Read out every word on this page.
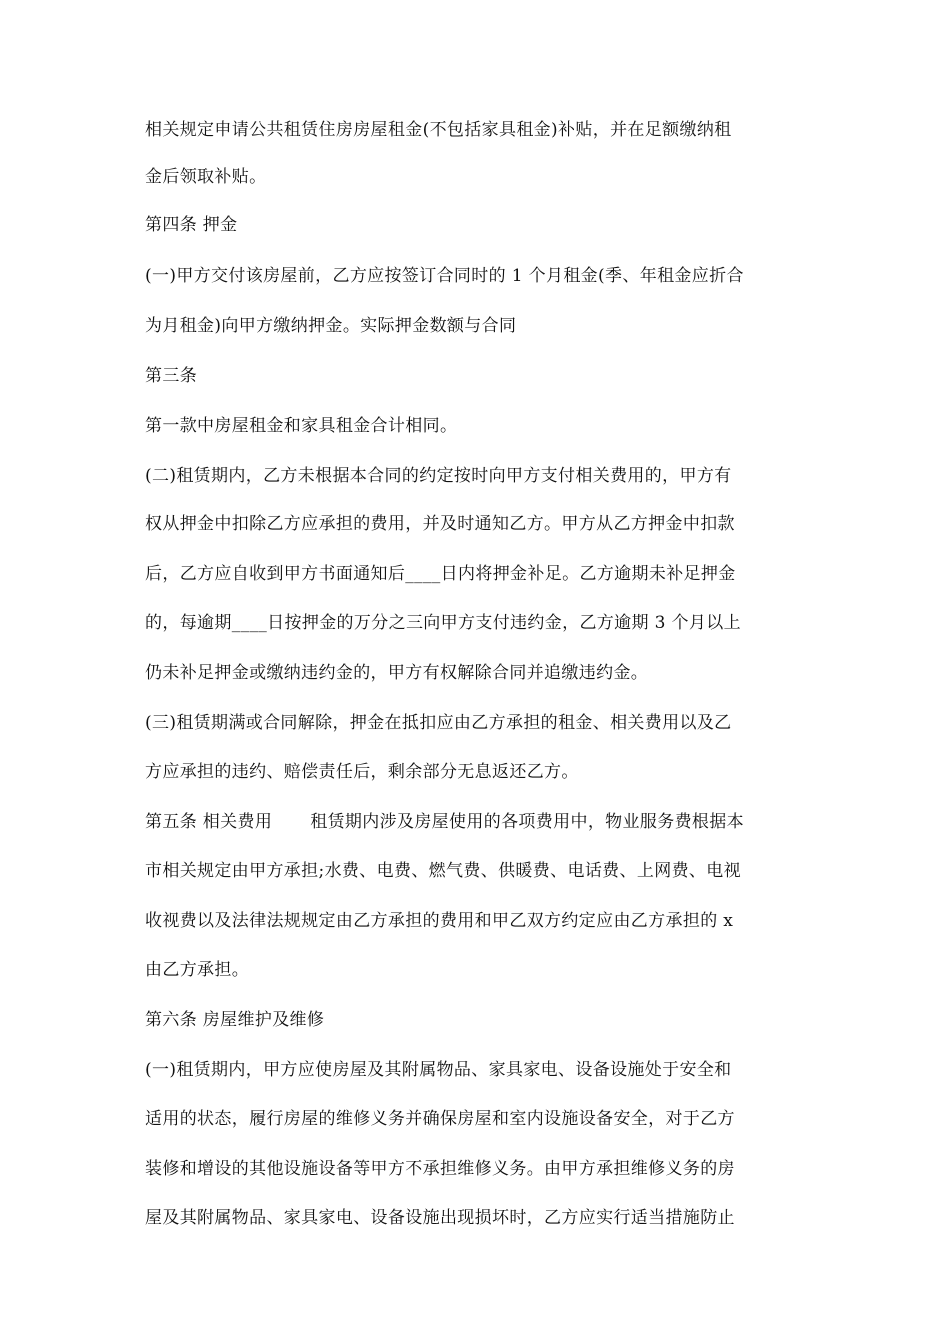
相关规定申请公共租赁住房房屋租金(不包括家具租金)补贴，并在足额缴纳租
金后领取补贴。
第四条 押金
(一)甲方交付该房屋前，乙方应按签订合同时的 1 个月租金(季、年租金应折合
为月租金)向甲方缴纳押金。实际押金数额与合同
第三条
第一款中房屋租金和家具租金合计相同。
(二)租赁期内，乙方未根据本合同的约定按时向甲方支付相关费用的，甲方有
权从押金中扣除乙方应承担的费用，并及时通知乙方。甲方从乙方押金中扣款
后，乙方应自收到甲方书面通知后____日内将押金补足。乙方逾期未补足押金
的，每逾期____日按押金的万分之三向甲方支付违约金，乙方逾期 3 个月以上
仍未补足押金或缴纳违约金的，甲方有权解除合同并追缴违约金。
(三)租赁期满或合同解除，押金在抵扣应由乙方承担的租金、相关费用以及乙
方应承担的违约、赔偿责任后，剩余部分无息返还乙方。
第五条 相关费用 租赁期内涉及房屋使用的各项费用中，物业服务费根据本
市相关规定由甲方承担;水费、电费、燃气费、供暖费、电话费、上网费、电视
收视费以及法律法规规定由乙方承担的费用和甲乙双方约定应由乙方承担的 x
由乙方承担。
第六条 房屋维护及维修
(一)租赁期内，甲方应使房屋及其附属物品、家具家电、设备设施处于安全和
适用的状态，履行房屋的维修义务并确保房屋和室内设施设备安全，对于乙方
装修和增设的其他设施设备等甲方不承担维修义务。由甲方承担维修义务的房
屋及其附属物品、家具家电、设备设施出现损坏时，乙方应实行适当措施防止
